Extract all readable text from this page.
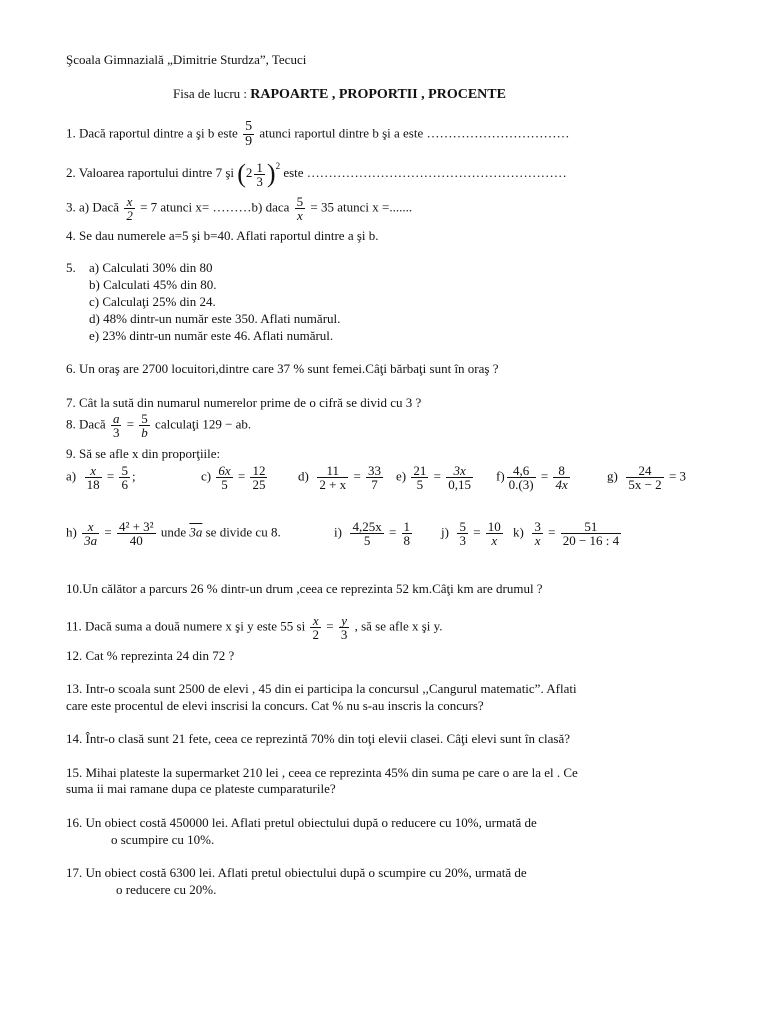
Şcoala Gimnazială „Dimitrie Sturdza”, Tecuci
Fisa de lucru : RAPOARTE , PROPORTII , PROCENTE
1. Dacă raportul dintre a şi b este $\frac{5}{9}$ atunci raportul dintre b şi a este ……………………………
2. Valoarea raportului dintre 7 şi $(2 \frac{1}{3} )^2$ este ……………………………………………………
3. a) Dacă $\frac{x}{2} = 7$ atunci x= ………b) daca $\frac{5}{x} = 35$ atunci x =.......
4. Se dau numerele a=5 şi b=40. Aflati raportul dintre a şi b.
5. a) Calculati 30% din 80
b) Calculati 45% din 80.
c) Calculaţi 25% din 24.
d) 48% dintr-un număr este 350. Aflati numărul.
e) 23% dintr-un număr este 46. Aflati numărul.
6. Un oraş are 2700 locuitori,dintre care 37 % sunt femei.Câţi bărbaţi sunt în oraş ?
7. Cât la sută din numarul numerelor prime de o cifră se divid cu 3 ?
8. Dacă $\frac{a}{3} = \frac{5}{b}$ calculaţi 129 − ab.
9. Să se afle x din proporţiile:
$a) \frac{x}{18} = \frac{5}{6}$ ;	$c) \frac{6x}{5} = \frac{12}{25} d) \frac{11}{2 + x} = \frac{33}{7} e) \frac{21}{5} = \frac{3x}{0,15} f) \frac{4,6}{0.(3)} = \frac{8}{4x}$	$g) \frac{24}{5x - 2} = 3$
$h) \frac{x}{3a} = \frac{\text{4² + 3²}}{40}$ unde 3a se divide cu 8.	$i) \frac{4,25x}{5} = \frac{1}{8} j) \frac{5}{3} = \frac{10}{x} k) \frac{3}{x} = \frac{51}{20 - 16 : 4}$
10.Un călător a parcurs 26 % dintr-un drum ,ceea ce reprezinta 52 km.Câţi km are drumul ?
11. Dacă suma a două numere x şi y este 55 si $\frac{x}{2} = \frac{y}{3}$ , să se afle x şi y.
12. Cat % reprezinta 24 din 72 ?
13. Intr-o scoala sunt 2500 de elevi , 45 din ei participa la concursul ,,Cangurul matematic”. Aflati
care este procentul de elevi inscrisi la concurs. Cat % nu s-au inscris la concurs?
14. Într-o clasă sunt 21 fete, ceea ce reprezintă 70% din toţi elevii clasei. Câţi elevi sunt în clasă?
15. Mihai plateste la supermarket 210 lei , ceea ce reprezinta 45% din suma pe care o are la el . Ce
suma ii mai ramane dupa ce plateste cumparaturile?
16. Un obiect costă 450000 lei. Aflati pretul obiectului după o reducere cu 10%, urmată de
o scumpire cu 10%.
17. Un obiect costă 6300 lei. Aflati pretul obiectului după o scumpire cu 20%, urmată de
o reducere cu 20%.
